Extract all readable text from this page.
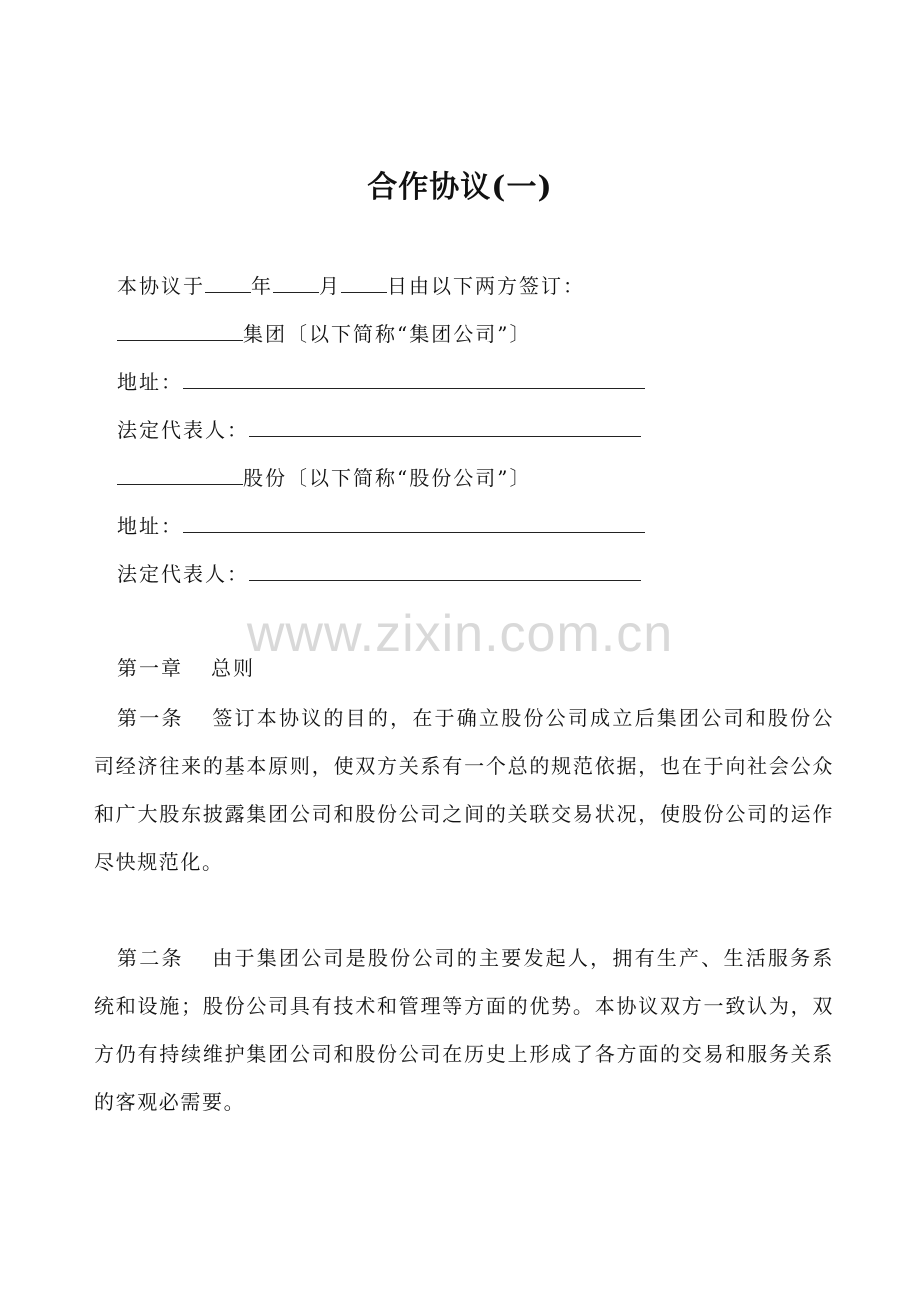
合作协议(一)
本协议于 年 月 日由以下两方签订：
集团〔以下简称“集团公司”〕
地址：
法定代表人：
股份〔以下简称“股份公司”〕
地址：
法定代表人：
www.zixin.com.cn
第一章 总则
第一条 签订本协议的目的，在于确立股份公司成立后集团公司和股份公司经济往来的基本原则，使双方关系有一个总的规范依据，也在于向社会公众和广大股东披露集团公司和股份公司之间的关联交易状况，使股份公司的运作尽快规范化。
第二条 由于集团公司是股份公司的主要发起人，拥有生产、生活服务系统和设施；股份公司具有技术和管理等方面的优势。本协议双方一致认为，双方仍有持续维护集团公司和股份公司在历史上形成了各方面的交易和服务关系的客观必需要。
